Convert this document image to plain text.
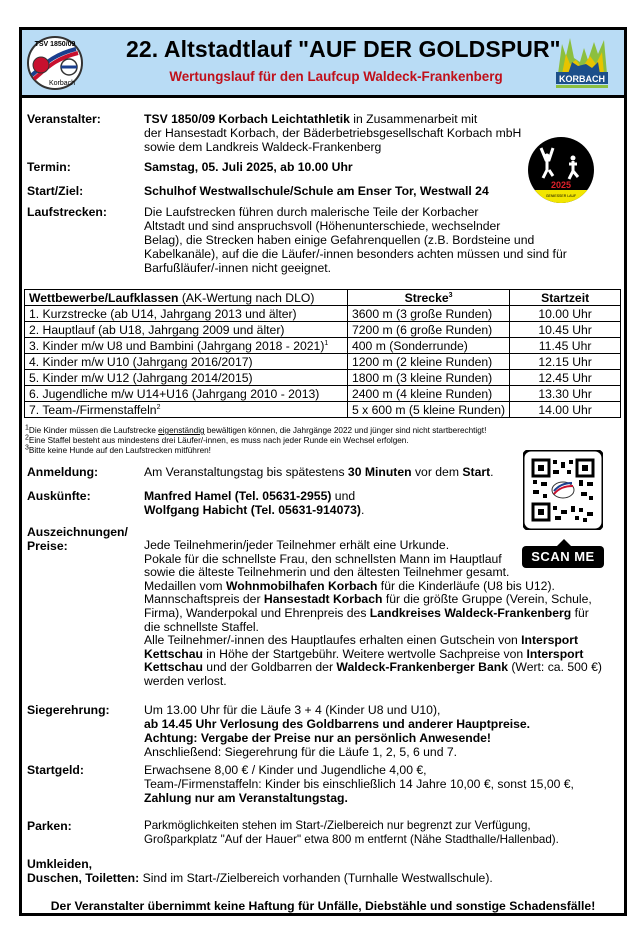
TSV 1850/09
Korbach
22. Altstadtlauf "AUF DER GOLDSPUR"
Wertungslauf für den Laufcup Waldeck-Frankenberg	KORBACH
Veranstalter:	TSV 1850/09 Korbach Leichtathletik in Zusammenarbeit mit
der Hansestadt Korbach, der Bäderbetriebsgesellschaft Korbach mbH
sowie dem Landkreis Waldeck-Frankenberg
Termin:	Samstag, 05. Juli 2025, ab 10.00 Uhr
Start/Ziel:	Schulhof Westwallschule/Schule am Enser Tor, Westwall 24
Laufstrecken:	Die Laufstrecken führen durch malerische Teile der Korbacher
Altstadt und sind anspruchsvoll (Höhenunterschiede, wechselnder
Belag), die Strecken haben einige Gefahrenquellen (z.B. Bordsteine und
Kabelkanäle), auf die die Läufer/-innen besonders achten müssen und sind für
Barfußläufer/-innen nicht geeignet.
2025
GENIESSER LAUF
Wettbewerbe/Laufklassen (AK-Wertung nach DLO)	Strecke$^3$	Startzeit
1. Kurzstrecke (ab U14, Jahrgang 2013 und älter)	3600 m (3 große Runden)	10.00 Uhr
2. Hauptlauf (ab U18, Jahrgang 2009 und älter)	7200 m (6 große Runden)	10.45 Uhr
3. Kinder m/w U8 und Bambini (Jahrgang 2018 - 2021)$^1$	400 m (Sonderrunde)	11.45 Uhr
4. Kinder m/w U10 (Jahrgang 2016/2017)	1200 m (2 kleine Runden)	12.15 Uhr
5. Kinder m/w U12 (Jahrgang 2014/2015)	1800 m (3 kleine Runden)	12.45 Uhr
6. Jugendliche m/w U14+U16 (Jahrgang 2010 - 2013)	2400 m (4 kleine Runden)	13.30 Uhr
7. Team-/Firmenstaffeln$^2$	5 x 600 m (5 kleine Runden)	14.00 Uhr
$^1$Die Kinder müssen die Laufstrecke eigenständig bewältigen können, die Jahrgänge 2022 und jünger sind nicht startberechtigt!
$^2$Eine Staffel besteht aus mindestens drei Läufer/-innen, es muss nach jeder Runde ein Wechsel erfolgen.
$^3$Bitte keine Hunde auf den Laufstrecken mitführen!
Anmeldung:	Am Veranstaltungstag bis spätestens 30 Minuten vor dem Start.
Auskünfte:	Manfred Hamel (Tel. 05631-2955) und
Wolfgang Habicht (Tel. 05631-914073).
SCAN ME
Auszeichnungen/
Preise:	Jede Teilnehmerin/jeder Teilnehmer erhält eine Urkunde.
Pokale für die schnellste Frau, den schnellsten Mann im Hauptlauf
sowie die älteste Teilnehmerin und den ältesten Teilnehmer gesamt.
Medaillen vom Wohnmobilhafen Korbach für die Kinderläufe (U8 bis U12).
Mannschaftspreis der Hansestadt Korbach für die größte Gruppe (Verein, Schule,
Firma), Wanderpokal und Ehrenpreis des Landkreises Waldeck-Frankenberg für
die schnellste Staffel.
Alle Teilnehmer/-innen des Hauptlaufes erhalten einen Gutschein von Intersport
Kettschau in Höhe der Startgebühr. Weitere wertvolle Sachpreise von Intersport
Kettschau und der Goldbarren der Waldeck-Frankenberger Bank (Wert: ca. 500 €)
werden verlost.
Siegerehrung:	Um 13.00 Uhr für die Läufe 3 + 4 (Kinder U8 und U10),
ab 14.45 Uhr Verlosung des Goldbarrens und anderer Hauptpreise.
Achtung: Vergabe der Preise nur an persönlich Anwesende!
Anschließend: Siegerehrung für die Läufe 1, 2, 5, 6 und 7.
Startgeld:	Erwachsene 8,00 € / Kinder und Jugendliche 4,00 €,
Team-/Firmenstaffeln: Kinder bis einschließlich 14 Jahre 10,00 €, sonst 15,00 €,
Zahlung nur am Veranstaltungstag.
Parken:	Parkmöglichkeiten stehen im Start-/Zielbereich nur begrenzt zur Verfügung,
Großparkplatz "Auf der Hauer" etwa 800 m entfernt (Nähe Stadthalle/Hallenbad).
Umkleiden,
Duschen, Toiletten: Sind im Start-/Zielbereich vorhanden (Turnhalle Westwallschule).
Der Veranstalter übernimmt keine Haftung für Unfälle, Diebstähle und sonstige Schadensfälle!
